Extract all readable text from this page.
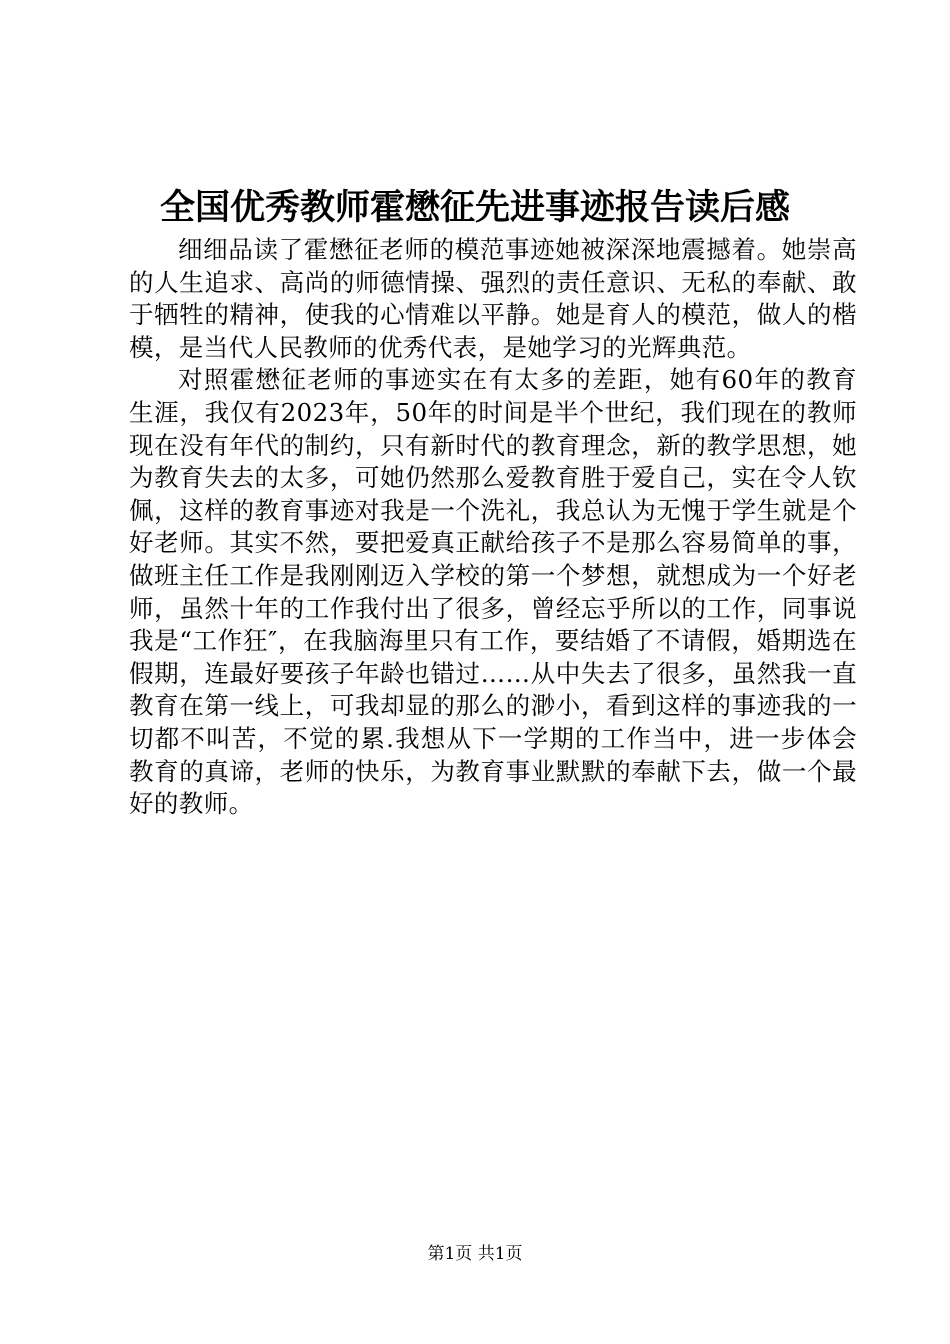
全国优秀教师霍懋征先进事迹报告读后感

细细品读了霍懋征老师的模范事迹她被深深地震撼着。她崇高的人生追求、高尚的师德情操、强烈的责任意识、无私的奉献、敢于牺牲的精神，使我的心情难以平静。她是育人的模范，做人的楷模，是当代人民教师的优秀代表，是她学习的光辉典范。

对照霍懋征老师的事迹实在有太多的差距，她有60年的教育生涯，我仅有2023年，50年的时间是半个世纪，我们现在的教师现在没有年代的制约，只有新时代的教育理念，新的教学思想，她为教育失去的太多，可她仍然那么爱教育胜于爱自己，实在令人钦佩，这样的教育事迹对我是一个洗礼，我总认为无愧于学生就是个好老师。其实不然，要把爱真正献给孩子不是那么容易简单的事，做班主任工作是我刚刚迈入学校的第一个梦想，就想成为一个好老师，虽然十年的工作我付出了很多，曾经忘乎所以的工作，同事说我是“工作狂″，在我脑海里只有工作，要结婚了不请假，婚期选在假期，连最好要孩子年龄也错过……从中失去了很多，虽然我一直教育在第一线上，可我却显的那么的渺小，看到这样的事迹我的一切都不叫苦，不觉的累.我想从下一学期的工作当中，进一步体会教育的真谛，老师的快乐，为教育事业默默的奉献下去，做一个最好的教师。

第1页 共1页
